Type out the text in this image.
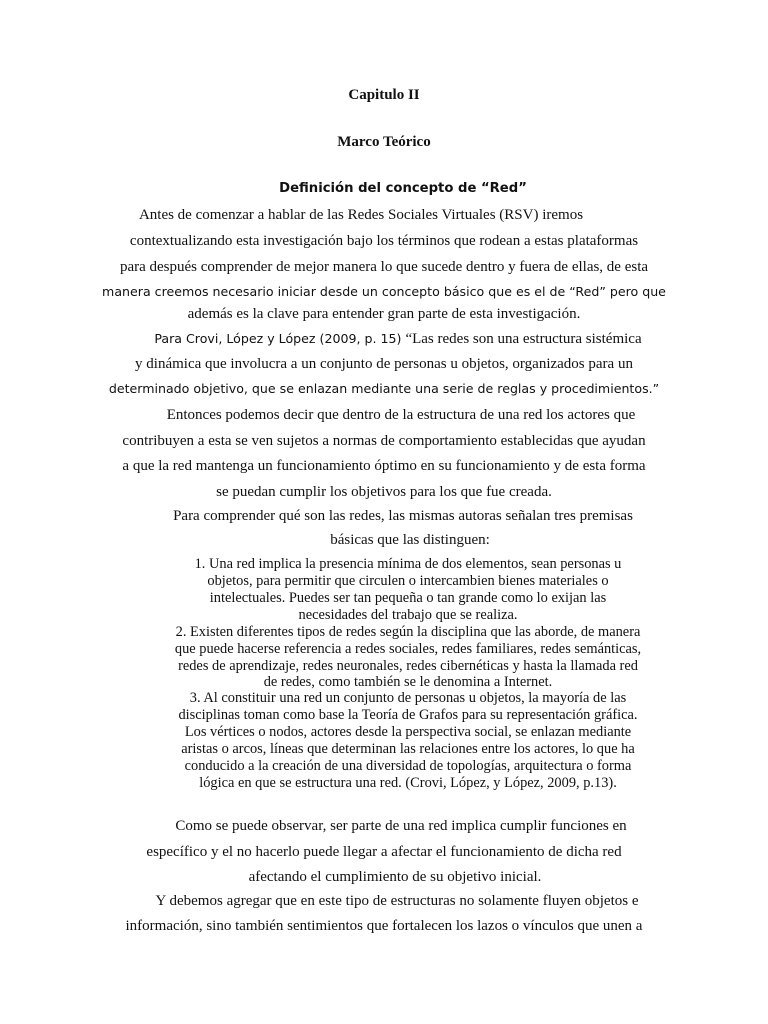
Capitulo II
Marco Teórico
Definición del concepto de “Red”
Antes de comenzar a hablar de las Redes Sociales Virtuales (RSV) iremos
contextualizando esta investigación bajo los términos que rodean a estas plataformas
para después comprender de mejor manera lo que sucede dentro y fuera de ellas, de esta
manera creemos necesario iniciar desde un concepto básico que es el de “Red” pero que
además es la clave para entender gran parte de esta investigación.
Para Crovi, López y López (2009, p. 15) “Las redes son una estructura sistémica
y dinámica que involucra a un conjunto de personas u objetos, organizados para un
determinado objetivo, que se enlazan mediante una serie de reglas y procedimientos.”
Entonces podemos decir que dentro de la estructura de una red los actores que
contribuyen a esta se ven sujetos a normas de comportamiento establecidas que ayudan
a que la red mantenga un funcionamiento óptimo en su funcionamiento y de esta forma
se puedan cumplir los objetivos para los que fue creada.
Para comprender qué son las redes, las mismas autoras señalan tres premisas
básicas que las distinguen:
1. Una red implica la presencia mínima de dos elementos, sean personas u
objetos, para permitir que circulen o intercambien bienes materiales o
intelectuales. Puedes ser tan pequeña o tan grande como lo exijan las
necesidades del trabajo que se realiza.
2. Existen diferentes tipos de redes según la disciplina que las aborde, de manera
que puede hacerse referencia a redes sociales, redes familiares, redes semánticas,
redes de aprendizaje, redes neuronales, redes cibernéticas y hasta la llamada red
de redes, como también se le denomina a Internet.
3. Al constituir una red un conjunto de personas u objetos, la mayoría de las
disciplinas toman como base la Teoría de Grafos para su representación gráfica.
Los vértices o nodos, actores desde la perspectiva social, se enlazan mediante
aristas o arcos, líneas que determinan las relaciones entre los actores, lo que ha
conducido a la creación de una diversidad de topologías, arquitectura o forma
lógica en que se estructura una red. (Crovi, López, y López, 2009, p.13).
Como se puede observar, ser parte de una red implica cumplir funciones en
específico y el no hacerlo puede llegar a afectar el funcionamiento de dicha red
afectando el cumplimiento de su objetivo inicial.
Y debemos agregar que en este tipo de estructuras no solamente fluyen objetos e
información, sino también sentimientos que fortalecen los lazos o vínculos que unen a
